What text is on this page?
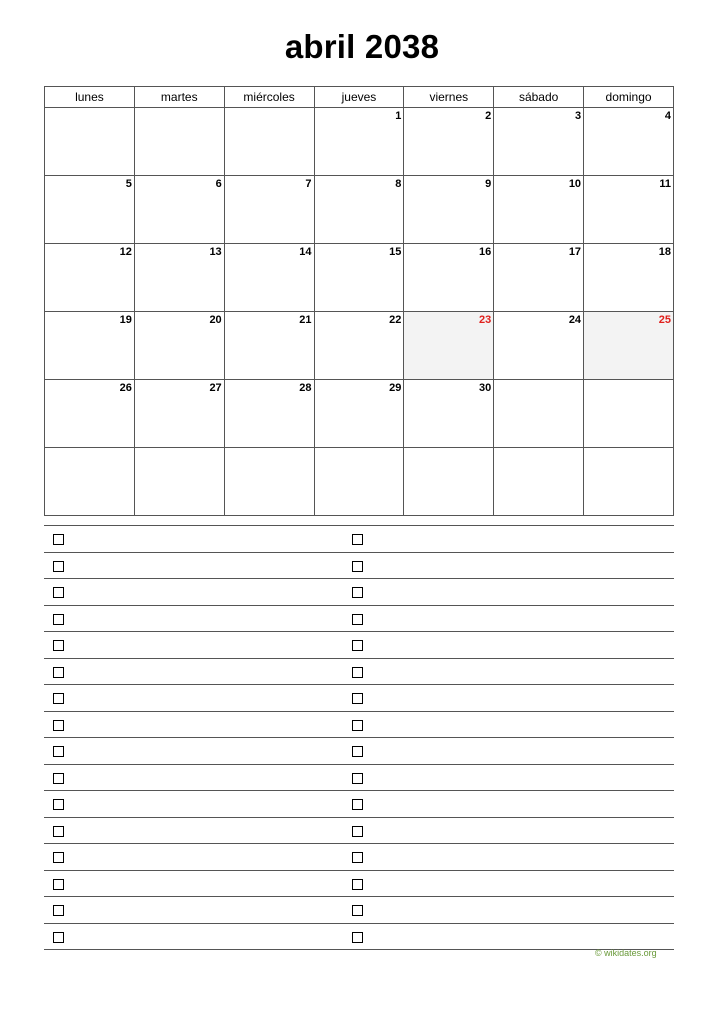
abril 2038
lunes	martes	miércoles	jueves	viernes	sábado	domingo

			1	2	3	4

5	6	7	8	9	10	11

12	13	14	15	16	17	18

19	20	21	22	23	24	25

26	27	28	29	30		

© wikidates.org
